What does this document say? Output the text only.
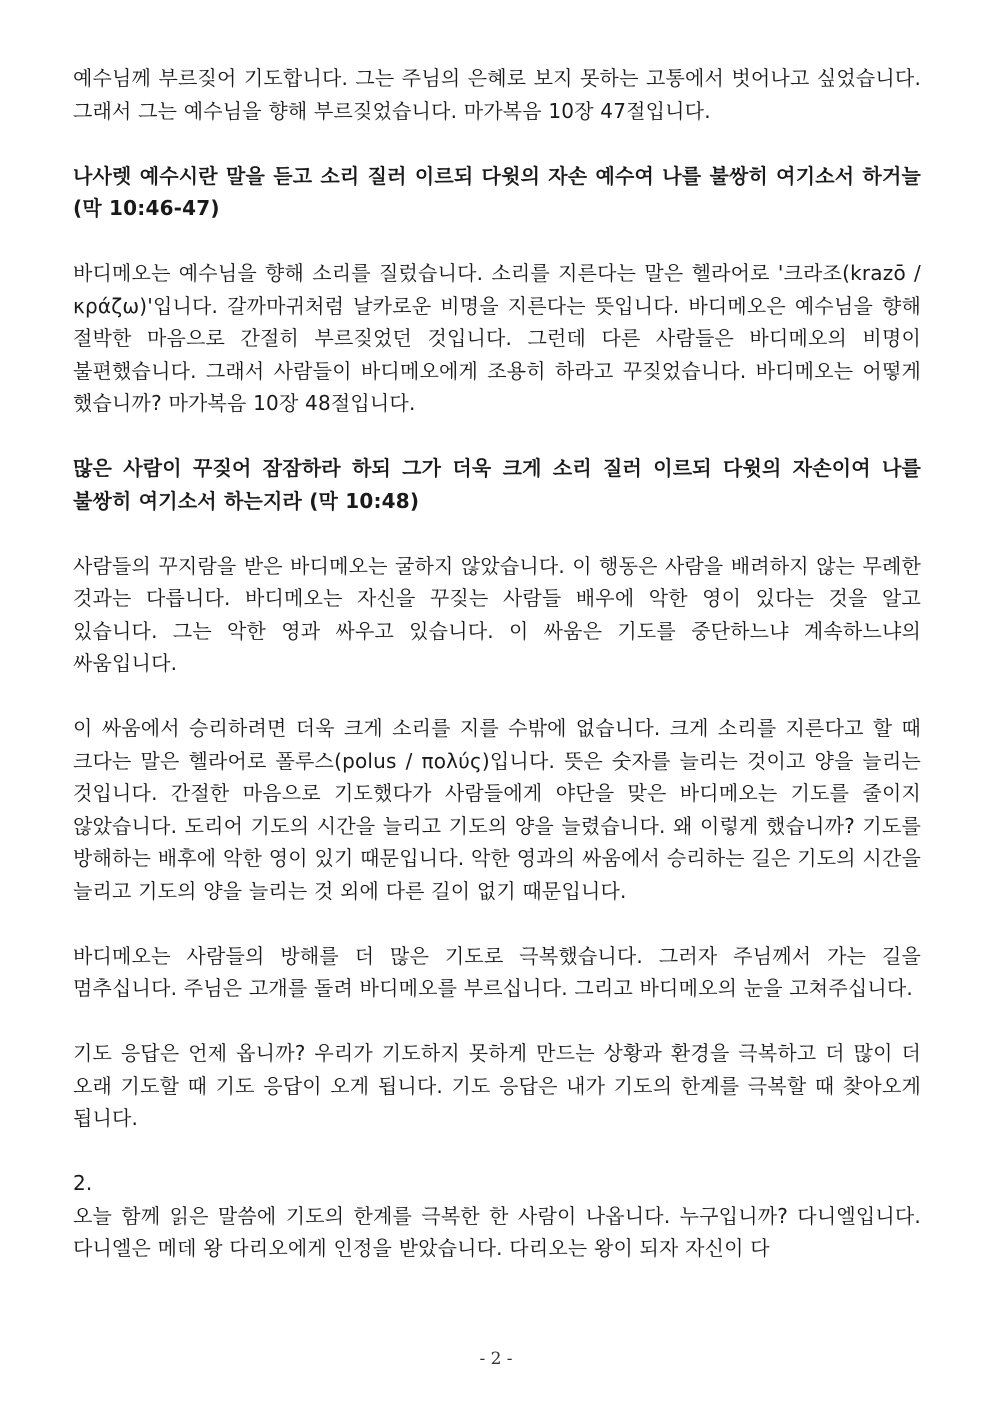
예수님께 부르짖어 기도합니다. 그는 주님의 은혜로 보지 못하는 고통에서 벗어나고 싶었습니다. 그래서 그는 예수님을 향해 부르짖었습니다. 마가복음 10장 47절입니다.

나사렛 예수시란 말을 듣고 소리 질러 이르되 다윗의 자손 예수여 나를 불쌍히 여기소서 하거늘 (막 10:46-47)

바디메오는 예수님을 향해 소리를 질렀습니다. 소리를 지른다는 말은 헬라어로 '크라조(krazō / κράζω)'입니다. 갈까마귀처럼 날카로운 비명을 지른다는 뜻입니다. 바디메오은 예수님을 향해 절박한 마음으로 간절히 부르짖었던 것입니다. 그런데 다른 사람들은 바디메오의 비명이 불편했습니다. 그래서 사람들이 바디메오에게 조용히 하라고 꾸짖었습니다. 바디메오는 어떻게 했습니까? 마가복음 10장 48절입니다.

많은 사람이 꾸짖어 잠잠하라 하되 그가 더욱 크게 소리 질러 이르되 다윗의 자손이여 나를 불쌍히 여기소서 하는지라 (막 10:48)

사람들의 꾸지람을 받은 바디메오는 굴하지 않았습니다. 이 행동은 사람을 배려하지 않는 무례한 것과는 다릅니다. 바디메오는 자신을 꾸짖는 사람들 배우에 악한 영이 있다는 것을 알고 있습니다. 그는 악한 영과 싸우고 있습니다. 이 싸움은 기도를 중단하느냐 계속하느냐의 싸움입니다.

이 싸움에서 승리하려면 더욱 크게 소리를 지를 수밖에 없습니다. 크게 소리를 지른다고 할 때 크다는 말은 헬라어로 폴루스(polus / πολύς)입니다. 뜻은 숫자를 늘리는 것이고 양을 늘리는 것입니다. 간절한 마음으로 기도했다가 사람들에게 야단을 맞은 바디메오는 기도를 줄이지 않았습니다. 도리어 기도의 시간을 늘리고 기도의 양을 늘렸습니다. 왜 이렇게 했습니까? 기도를 방해하는 배후에 악한 영이 있기 때문입니다. 악한 영과의 싸움에서 승리하는 길은 기도의 시간을 늘리고 기도의 양을 늘리는 것 외에 다른 길이 없기 때문입니다.

바디메오는 사람들의 방해를 더 많은 기도로 극복했습니다. 그러자 주님께서 가는 길을 멈추십니다. 주님은 고개를 돌려 바디메오를 부르십니다. 그리고 바디메오의 눈을 고쳐주십니다.

기도 응답은 언제 옵니까? 우리가 기도하지 못하게 만드는 상황과 환경을 극복하고 더 많이 더 오래 기도할 때 기도 응답이 오게 됩니다. 기도 응답은 내가 기도의 한계를 극복할 때 찾아오게 됩니다.

2.

오늘 함께 읽은 말씀에 기도의 한계를 극복한 한 사람이 나옵니다. 누구입니까? 다니엘입니다. 다니엘은 메데 왕 다리오에게 인정을 받았습니다. 다리오는 왕이 되자 자신이 다

- 2 -
